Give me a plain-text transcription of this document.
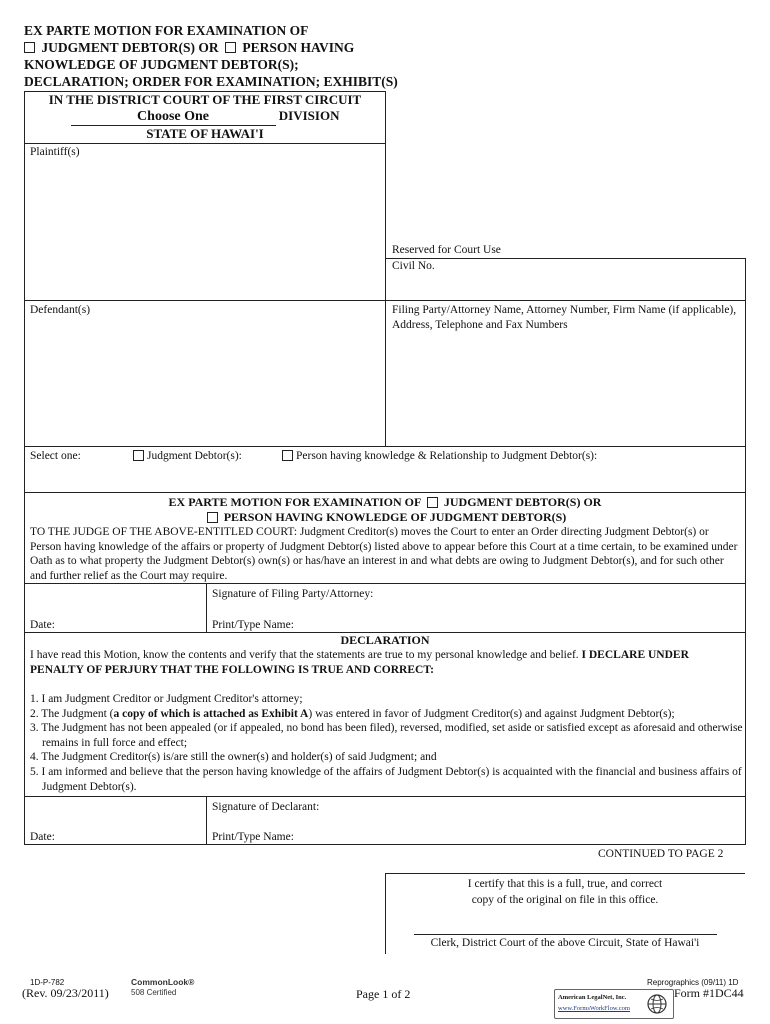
EX PARTE MOTION FOR EXAMINATION OF
JUDGMENT DEBTOR(S) OR PERSON HAVING
KNOWLEDGE OF JUDGMENT DEBTOR(S);
DECLARATION; ORDER FOR EXAMINATION; EXHIBIT(S)
IN THE DISTRICT COURT OF THE FIRST CIRCUIT
Choose One	DIVISION
STATE OF HAWAI'I
Plaintiff(s)
Defendant(s)
Reserved for Court Use
Civil No.
Filing Party/Attorney Name, Attorney Number, Firm Name (if applicable), Address, Telephone and Fax Numbers
Select one:	Judgment Debtor(s):	Person having knowledge & Relationship to Judgment Debtor(s):
EX PARTE MOTION FOR EXAMINATION OF JUDGMENT DEBTOR(S) OR
PERSON HAVING KNOWLEDGE OF JUDGMENT DEBTOR(S)
TO THE JUDGE OF THE ABOVE-ENTITLED COURT: Judgment Creditor(s) moves the Court to enter an Order directing Judgment Debtor(s) or Person having knowledge of the affairs or property of Judgment Debtor(s) listed above to appear before this Court at a time certain, to be examined under Oath as to what property the Judgment Debtor(s) own(s) or has/have an interest in and what debts are owing to Judgment Debtor(s), and for such other and further relief as the Court may require.
Signature of Filing Party/Attorney:
Date:	Print/Type Name:
DECLARATION
I have read this Motion, know the contents and verify that the statements are true to my personal knowledge and belief. I DECLARE UNDER PENALTY OF PERJURY THAT THE FOLLOWING IS TRUE AND CORRECT:
1. I am Judgment Creditor or Judgment Creditor's attorney;
2. The Judgment (a copy of which is attached as Exhibit A) was entered in favor of Judgment Creditor(s) and against Judgment Debtor(s);
3. The Judgment has not been appealed (or if appealed, no bond has been filed), reversed, modified, set aside or satisfied except as aforesaid and otherwise remains in full force and effect;
4. The Judgment Creditor(s) is/are still the owner(s) and holder(s) of said Judgment; and
5. I am informed and believe that the person having knowledge of the affairs of Judgment Debtor(s) is acquainted with the financial and business affairs of Judgment Debtor(s).
Signature of Declarant:
Date:	Print/Type Name:
CONTINUED TO PAGE 2
I certify that this is a full, true, and correct
copy of the original on file in this office.
Clerk, District Court of the above Circuit, State of Hawai'i
1D-P-782
(Rev. 09/23/2011)
CommonLook®
508 Certified	Page 1 of 2
Reprographics (09/11) 1D
American LegalNet, Inc.
www.FormsWorkFlow.com
Form #1DC44
